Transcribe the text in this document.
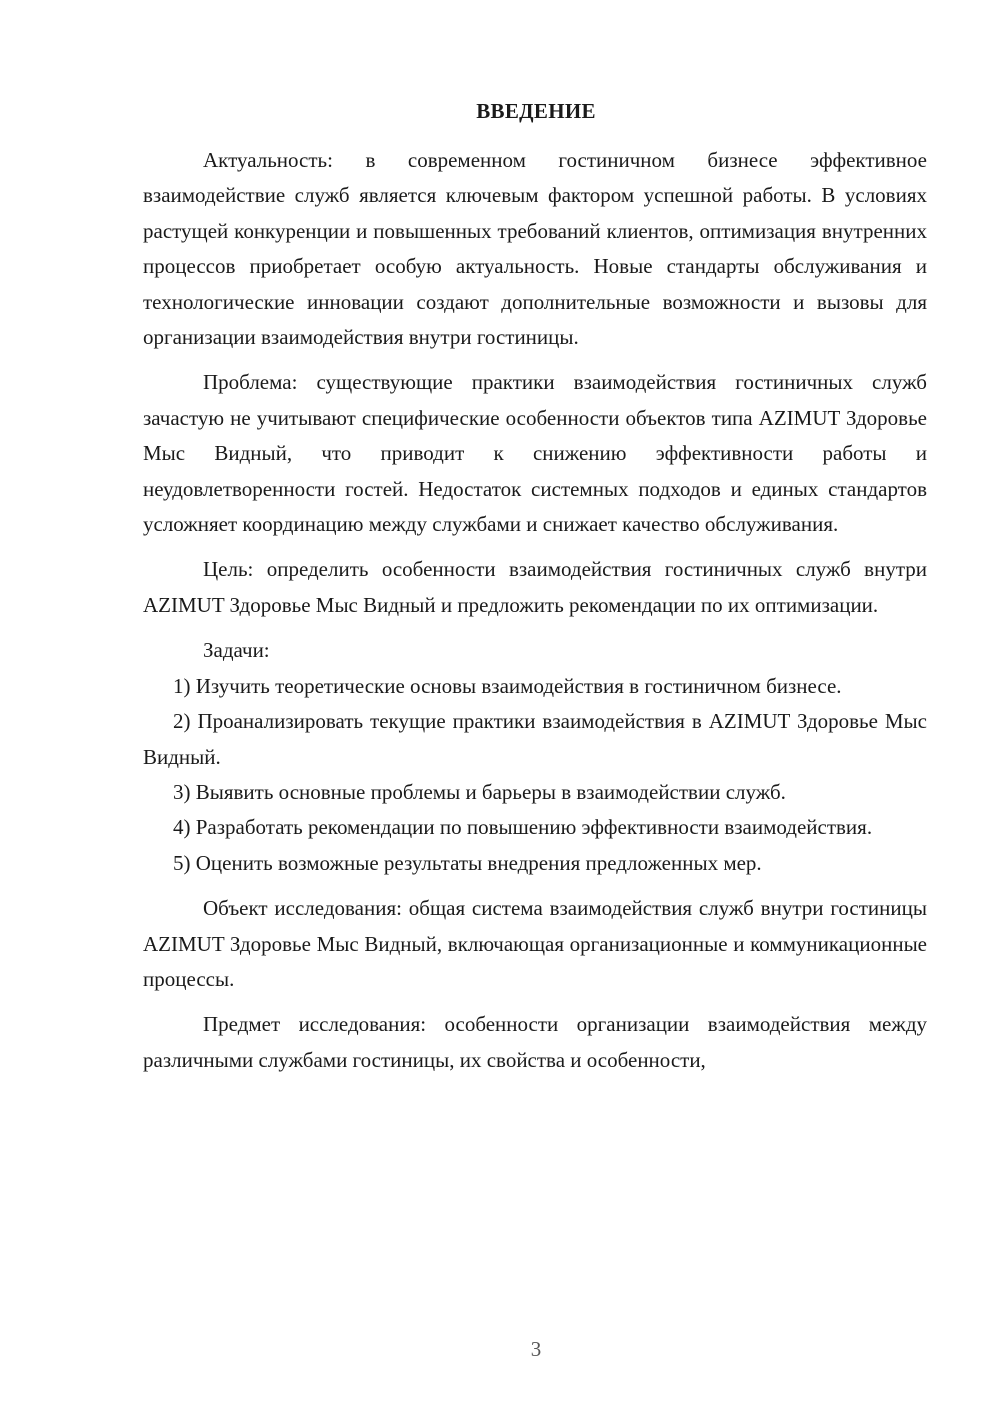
ВВЕДЕНИЕ

Актуальность: в современном гостиничном бизнесе эффективное взаимодействие служб является ключевым фактором успешной работы. В условиях растущей конкуренции и повышенных требований клиентов, оптимизация внутренних процессов приобретает особую актуальность. Новые стандарты обслуживания и технологические инновации создают дополнительные возможности и вызовы для организации взаимодействия внутри гостиницы.

Проблема: существующие практики взаимодействия гостиничных служб зачастую не учитывают специфические особенности объектов типа AZIMUT Здоровье Мыс Видный, что приводит к снижению эффективности работы и неудовлетворенности гостей. Недостаток системных подходов и единых стандартов усложняет координацию между службами и снижает качество обслуживания.

Цель: определить особенности взаимодействия гостиничных служб внутри AZIMUT Здоровье Мыс Видный и предложить рекомендации по их оптимизации.

Задачи:

1) Изучить теоретические основы взаимодействия в гостиничном бизнесе.

2) Проанализировать текущие практики взаимодействия в AZIMUT Здоровье Мыс Видный.

3) Выявить основные проблемы и барьеры в взаимодействии служб.

4) Разработать рекомендации по повышению эффективности взаимодействия.

5) Оценить возможные результаты внедрения предложенных мер.

Объект исследования: общая система взаимодействия служб внутри гостиницы AZIMUT Здоровье Мыс Видный, включающая организационные и коммуникационные процессы.

Предмет исследования: особенности организации взаимодействия между различными службами гостиницы, их свойства и особенности,

3
